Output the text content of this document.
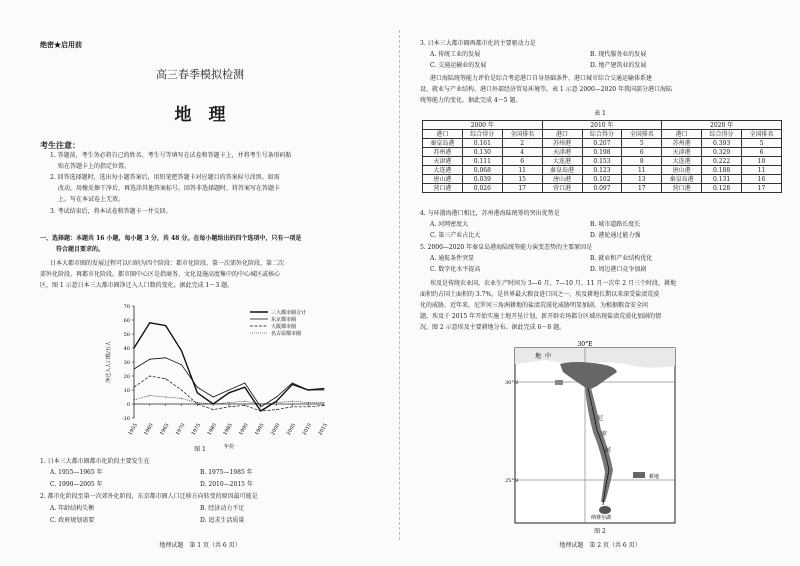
绝密★启用前
高三春季模拟检测
地　理
考生注意：
1. 答题前，考生务必将自己的姓名、考生号等填写在试卷和答题卡上，并将考生号条形码粘
贴在答题卡上的指定位置。
2. 回答选择题时，选出每小题答案后，用铅笔把答题卡对应题目的答案标号涂黑。如需
改动，用橡皮擦干净后，再选涂其他答案标号。回答非选择题时，将答案写在答题卡
上。写在本试卷上无效。
3. 考试结束后，将本试卷和答题卡一并交回。
一、选择题：本题共 16 小题，每小题 3 分，共 48 分。在每小题给出的四个选项中，只有一项是
符合题目要求的。
日本大都市圈的发展过程可以归纳为四个阶段：都市化阶段、第一次郊外化阶段、第二次
郊外化阶段、再都市化阶段。都市圈中心区是指商务、文化设施高度集中的中心城区或核心
区，图 1 示意日本三大都市圈净迁入人口数的变化。据此完成 1～3 题。
-10
0
10
20
30
40
50
60
70
1955 1960 1965 1970 1975 1980 1985 1990 1995 2000 2005 2010 2015
净迁入人口数/万人
年份
三大都市圈合计
东京都市圈
大阪都市圈
名古屋都市圈
图 1
1. 日本三大都市圈都市化阶段主要发生在
A. 1955—1965 年	B. 1975—1985 年
C. 1990—2005 年	D. 2010—2015 年
2. 都市化阶段至第一次郊外化阶段，东京都市圈人口迁移方向转变的原因最可能是
A. 年龄结构失衡	B. 经济动力不足
C. 政府规划需要	D. 追求生活质量
地理试题　第 1 页（共 6 页）
3. 日本三大都市圈再都市化的主要驱动力是
A. 传统工业的发展	B. 现代服务业的发展
C. 交通运输业的发展	D. 地产建筑业的发展
港口海陆统筹能力评价是综合考虑港口自身基础条件、港口城市综合交通运输体系建
设、就业与产业结构、港口外部经济贸易环境等。表 1 示意 2000—2020 年我国部分港口海陆
统筹能力的变化。据此完成 4～5 题。
表 1
2000 年			2010 年			2020 年		
港口	综合得分	全国排名	港口	综合得分	全国排名	港口	综合得分	全国排名
秦皇岛港	0.161	2	苏州港	0.207	5	苏州港	0.393	5
苏州港	0.130	4	天津港	0.198	6	天津港	0.329	6
天津港	0.111	6	大连港	0.153	8	大连港	0.222	10
大连港	0.068	11	秦皇岛港	0.123	11	唐山港	0.188	11
唐山港	0.039	15	唐山港	0.102	13	秦皇岛港	0.131	16
营口港	0.026	17	营口港	0.097	17	营口港	0.128	17
4. 与环渤海港口相比，苏州港海陆统筹的突出优势是
A. 河网密度大	B. 城市道路长度长
C. 第三产业占比大	D. 港轮通过能力强
5. 2000—2020 年秦皇岛港海陆统筹能力演变态势的主要原因是
A. 通航条件突显	B. 就业和产业结构优化
C. 数字化水平提高	D. 周边港口竞争加剧
埃及是传统农业国，农业生产时间为 3—6 月、7—10 月、11 月一次年 2 月三个时段，耕地
面积约占国土面积的 3.7%，是世界最大粮食进口国之一。埃及耕地长期以来深受盐渍荒漠
化的威胁，近年来，尼罗河三角洲耕地的盐渍荒漠化威胁明显加剧。为根据粮食安全问
题，埃及于 2015 年开始实施土地开垦计划，新开辟农场都分区域出现盐渍荒漠化加剧的情
况。图 2 示意埃及主要耕地分布。据此完成 6～8 题。
30°E
30°N
25°N
地 中
尼
罗
河
纳赛尔湖
耕地
图 2
地理试题　第 2 页（共 6 页）
